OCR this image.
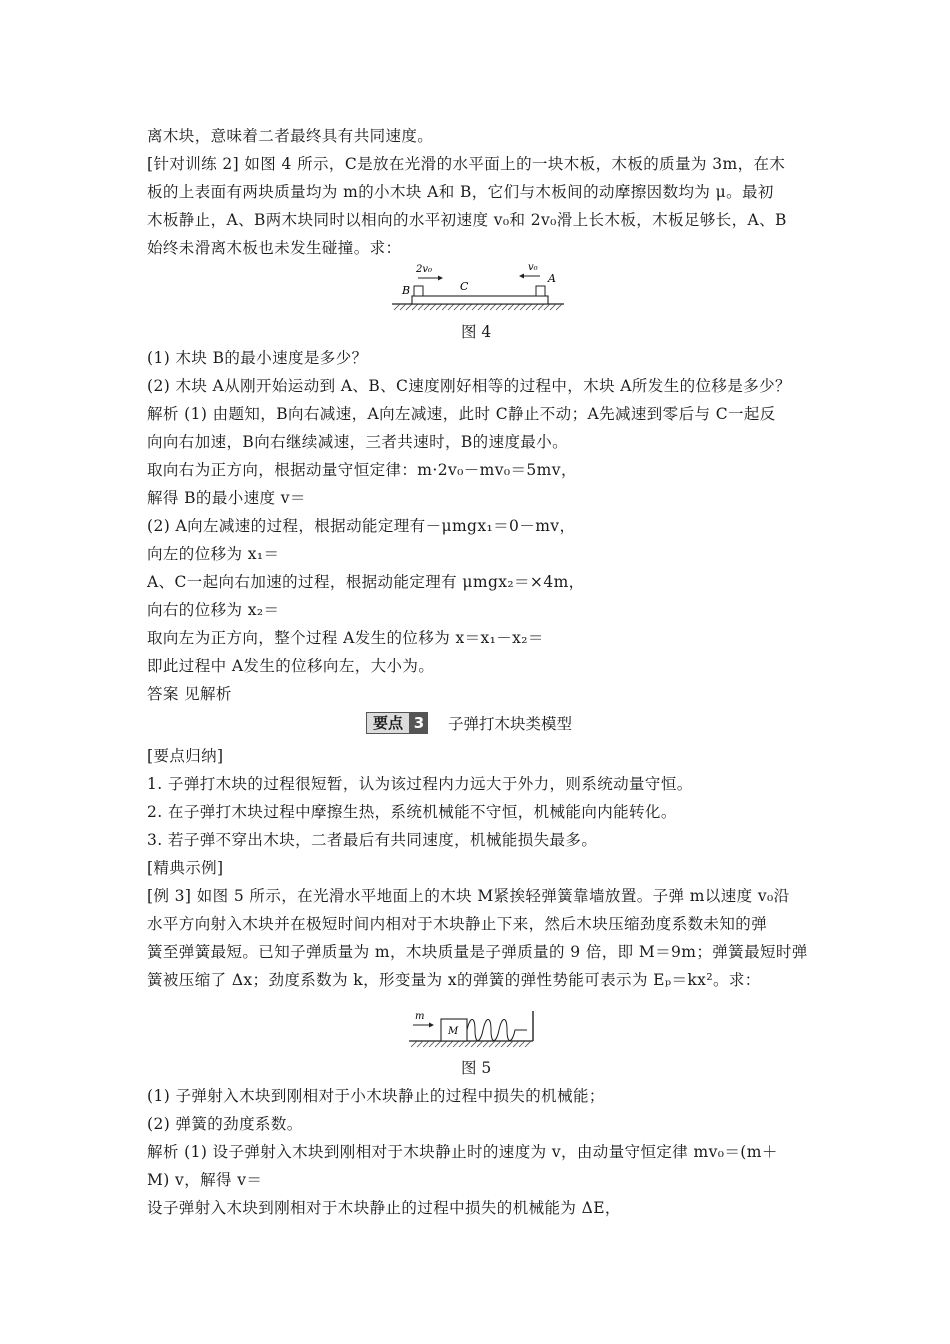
离木块，意味着二者最终具有共同速度。
[针对训练 2] 如图 4 所示，C是放在光滑的水平面上的一块木板，木板的质量为 3m，在木
板的上表面有两块质量均为 m的小木块 A和 B，它们与木板间的动摩擦因数均为 μ。最初
木板静止，A、B两木块同时以相向的水平初速度 v₀和 2v₀滑上长木板，木板足够长，A、B
始终未滑离木板也未发生碰撞。求：
2v₀	v₀
B	C
A
图 4
(1) 木块 B的最小速度是多少？
(2) 木块 A从刚开始运动到 A、B、C速度刚好相等的过程中，木块 A所发生的位移是多少？
解析 (1) 由题知，B向右减速，A向左减速，此时 C静止不动；A先减速到零后与 C一起反
向向右加速，B向右继续减速，三者共速时，B的速度最小。
取向右为正方向，根据动量守恒定律：m·2v₀－mv₀＝5mv，
解得 B的最小速度 v＝
(2) A向左减速的过程，根据动能定理有－μmgx₁＝0－mv，
向左的位移为 x₁＝
A、C一起向右加速的过程，根据动能定理有 μmgx₂＝×4m，
向右的位移为 x₂＝
取向左为正方向，整个过程 A发生的位移为 x＝x₁－x₂＝
即此过程中 A发生的位移向左，大小为。
答案 见解析
要点 3 子弹打木块类模型
[要点归纳]
1. 子弹打木块的过程很短暂，认为该过程内力远大于外力，则系统动量守恒。
2. 在子弹打木块过程中摩擦生热，系统机械能不守恒，机械能向内能转化。
3. 若子弹不穿出木块，二者最后有共同速度，机械能损失最多。
[精典示例]
[例 3] 如图 5 所示，在光滑水平地面上的木块 M紧挨轻弹簧靠墙放置。子弹 m以速度 v₀沿
水平方向射入木块并在极短时间内相对于木块静止下来，然后木块压缩劲度系数未知的弹
簧至弹簧最短。已知子弹质量为 m，木块质量是子弹质量的 9 倍，即 M＝9m；弹簧最短时弹
簧被压缩了 Δx；劲度系数为 k，形变量为 x的弹簧的弹性势能可表示为 Eₚ＝kx²。求：
m
M
图 5
(1) 子弹射入木块到刚相对于小木块静止的过程中损失的机械能；
(2) 弹簧的劲度系数。
解析 (1) 设子弹射入木块到刚相对于木块静止时的速度为 v，由动量守恒定律 mv₀＝(m＋
M) v，解得 v＝
设子弹射入木块到刚相对于木块静止的过程中损失的机械能为 ΔE，
